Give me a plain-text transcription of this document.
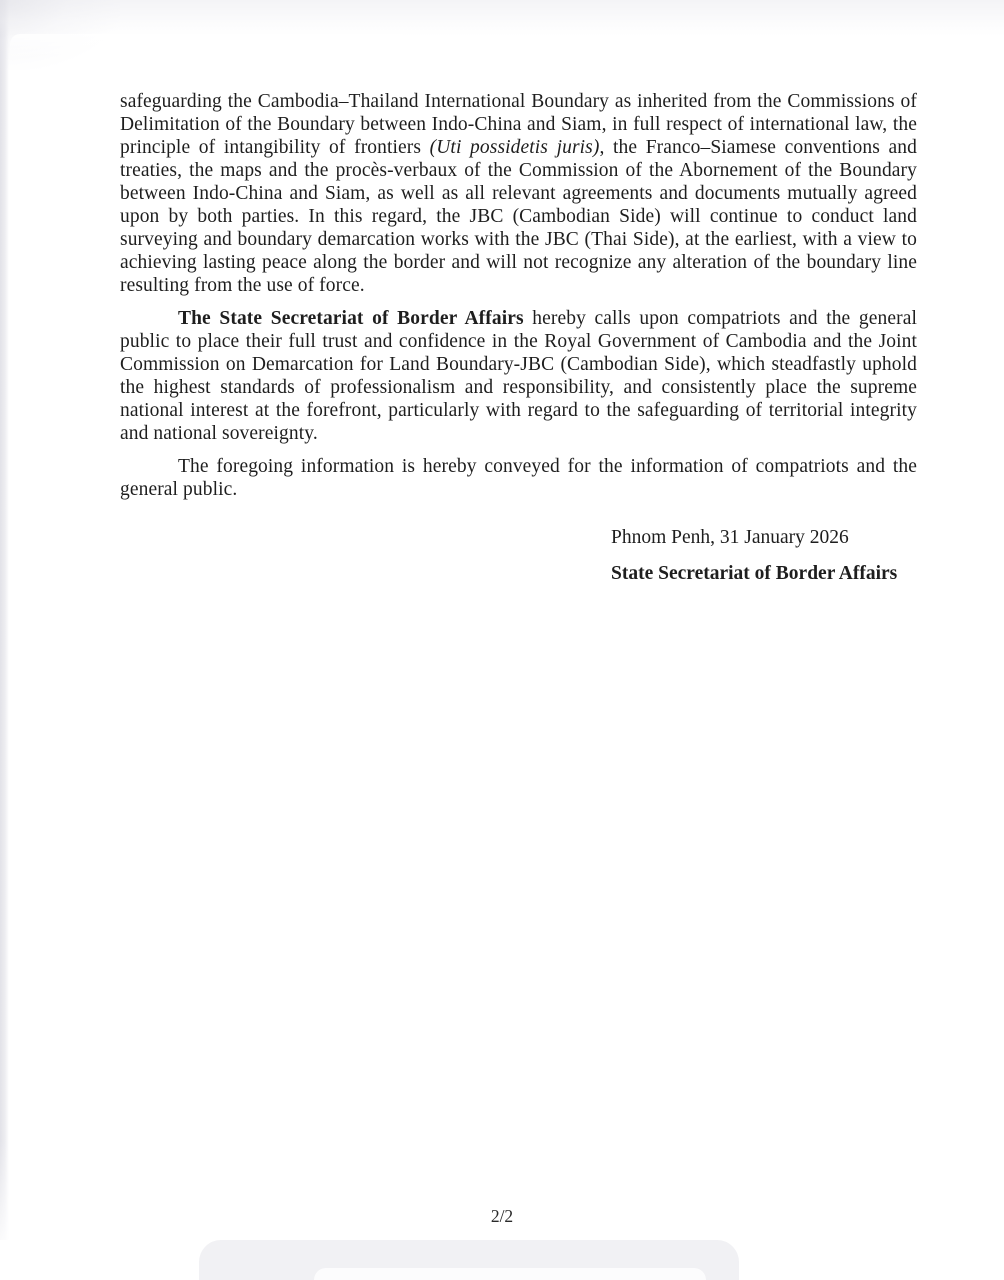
safeguarding the Cambodia–Thailand International Boundary as inherited from the Commissions of Delimitation of the Boundary between Indo-China and Siam, in full respect of international law, the principle of intangibility of frontiers (Uti possidetis juris), the Franco–Siamese conventions and treaties, the maps and the procès-verbaux of the Commission of the Abornement of the Boundary between Indo-China and Siam, as well as all relevant agreements and documents mutually agreed upon by both parties. In this regard, the JBC (Cambodian Side) will continue to conduct land surveying and boundary demarcation works with the JBC (Thai Side), at the earliest, with a view to achieving lasting peace along the border and will not recognize any alteration of the boundary line resulting from the use of force.

The State Secretariat of Border Affairs hereby calls upon compatriots and the general public to place their full trust and confidence in the Royal Government of Cambodia and the Joint Commission on Demarcation for Land Boundary-JBC (Cambodian Side), which steadfastly uphold the highest standards of professionalism and responsibility, and consistently place the supreme national interest at the forefront, particularly with regard to the safeguarding of territorial integrity and national sovereignty.

The foregoing information is hereby conveyed for the information of compatriots and the general public.

Phnom Penh, 31 January 2026
State Secretariat of Border Affairs
2/2
